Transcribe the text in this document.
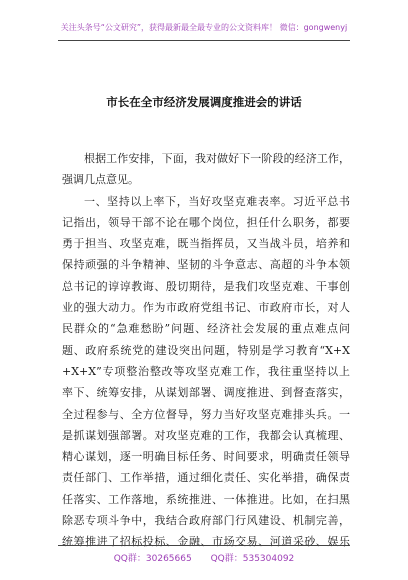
关注头条号“公文研究”，获得最新最全最专业的公文资料库！ 微信：gongwenyj
市长在全市经济发展调度推进会的讲话
根据工作安排，下面，我对做好下一阶段的经济工作，
强调几点意见。
一、坚持以上率下，当好攻坚克难表率。习近平总书
记指出，领导干部不论在哪个岗位，担任什么职务，都要
勇于担当、攻坚克难，既当指挥员，又当战斗员，培养和
保持顽强的斗争精神、坚韧的斗争意志、高超的斗争本领
总书记的谆谆教诲、殷切期待，是我们攻坚克难、干事创
业的强大动力。作为市政府党组书记、市政府市长，对人
民群众的“急难愁盼”问题、经济社会发展的重点难点问
题、政府系统党的建设突出问题，特别是学习教育“X+X
+X+X”专项整治整改等攻坚克难工作，我往重坚持以上
率下、统筹安排，从谋划部署、调度推进、到督查落实，
全过程参与、全方位督导，努力当好攻坚克难排头兵。一
是抓谋划强部署。对攻坚克难的工作，我都会认真梳理、
精心谋划，逐一明确目标任务、时间要求，明确责任领导
责任部门、工作举措，通过细化责任、实化举措，确保责
任落实、工作落地，系统推进、一体推进。比如，在扫黑
除恶专项斗争中，我结合政府部门行风建设、机制完善，
统筹推进了招标投标、金融、市场交易、河道采砂、娱乐
QQ群：30265665 QQ群：535304092
